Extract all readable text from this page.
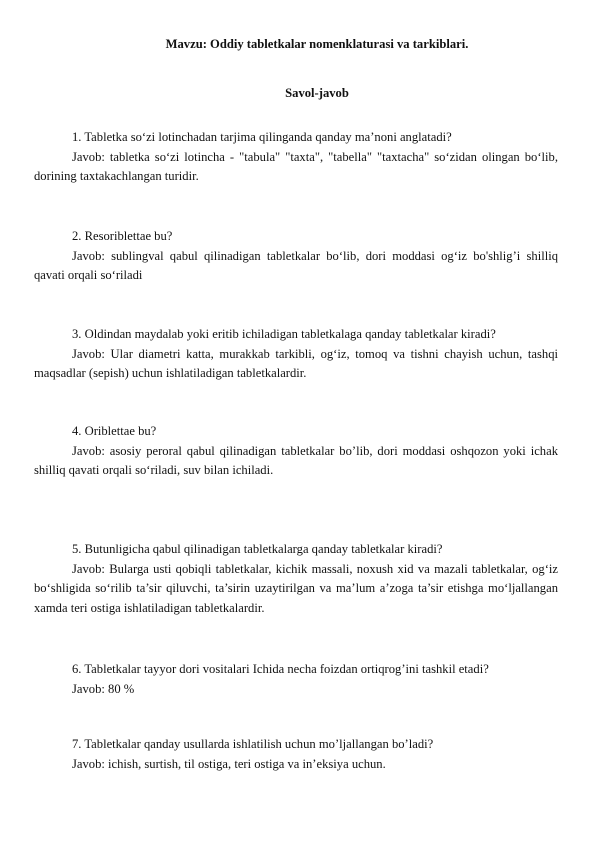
Mavzu: Oddiy tabletkalar nomenklaturasi va tarkiblari.
Savol-javob
1. Tabletka so‘zi lotinchadan tarjima qilinganda qanday ma’noni anglatadi?
Javob: tabletka so‘zi lotincha - "tabula" "taxta", "tabella" "taxtacha" so‘zidan olingan bo‘lib, dorining taxtakachlangan turidir.
2. Resoriblettae bu?
Javob: sublingval qabul qilinadigan tabletkalar bo‘lib, dori moddasi og‘iz bo'shlig’i shilliq qavati orqali so‘riladi
3. Oldindan maydalab yoki eritib ichiladigan tabletkalaga qanday tabletkalar kiradi?
Javob: Ular diametri katta, murakkab tarkibli, og‘iz, tomoq va tishni chayish uchun, tashqi maqsadlar (sepish) uchun ishlatiladigan tabletkalardir.
4. Oriblettae bu?
Javob: asosiy peroral qabul qilinadigan tabletkalar bo’lib, dori moddasi oshqozon yoki ichak shilliq qavati orqali so‘riladi, suv bilan ichiladi.
5. Butunligicha qabul qilinadigan tabletkalarga qanday tabletkalar kiradi?
Javob: Bularga usti qobiqli tabletkalar, kichik massali, noxush xid va mazali tabletkalar, og‘iz bo‘shligida so‘rilib ta’sir qiluvchi, ta’sirin uzaytirilgan va ma’lum a’zoga ta’sir etishga mo‘ljallangan xamda teri ostiga ishlatiladigan tabletkalardir.
6. Tabletkalar tayyor dori vositalari Ichida necha foizdan ortiqrog’ini tashkil etadi?
Javob: 80 %
7. Tabletkalar qanday usullarda ishlatilish uchun mo’ljallangan bo’ladi?
Javob: ichish, surtish, til ostiga, teri ostiga va in’eksiya uchun.
